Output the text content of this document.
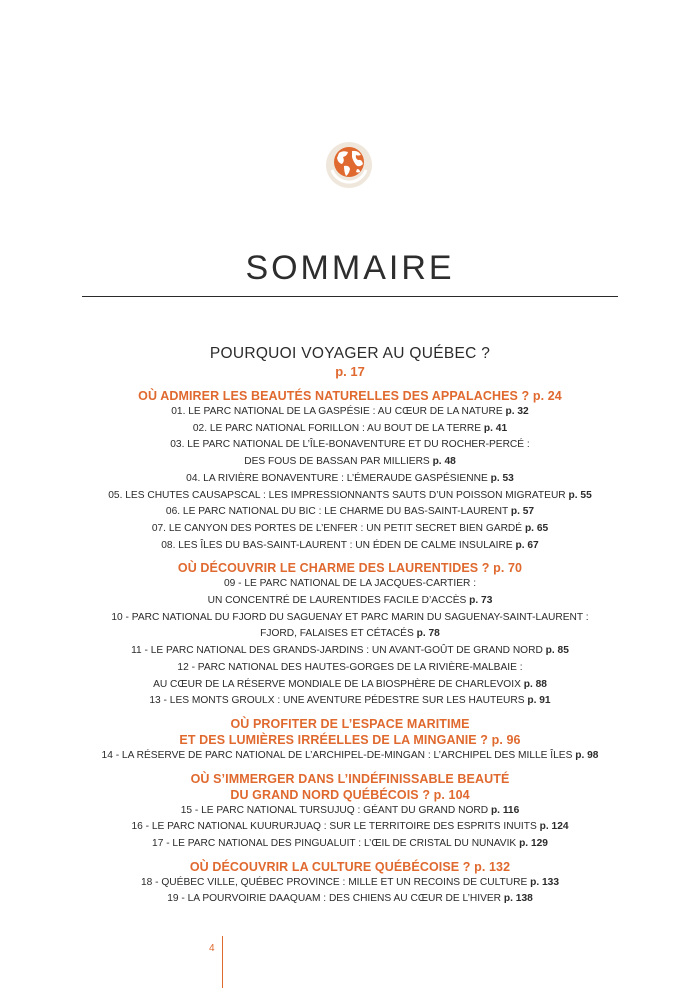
SOMMAIRE
POURQUOI VOYAGER AU QUÉBEC ?
p. 17
OÙ ADMIRER LES BEAUTÉS NATURELLES DES APPALACHES ? p. 24
01. LE PARC NATIONAL DE LA GASPÉSIE : AU CŒUR DE LA NATURE p. 32
02. LE PARC NATIONAL FORILLON : AU BOUT DE LA TERRE p. 41
03. LE PARC NATIONAL DE L’ÎLE-BONAVENTURE ET DU ROCHER-PERCÉ :
DES FOUS DE BASSAN PAR MILLIERS p. 48
04. LA RIVIÈRE BONAVENTURE : L’ÉMERAUDE GASPÉSIENNE p. 53
05. LES CHUTES CAUSAPSCAL : LES IMPRESSIONNANTS SAUTS D’UN POISSON MIGRATEUR p. 55
06. LE PARC NATIONAL DU BIC : LE CHARME DU BAS-SAINT-LAURENT p. 57
07. LE CANYON DES PORTES DE L’ENFER : UN PETIT SECRET BIEN GARDÉ p. 65
08. LES ÎLES DU BAS-SAINT-LAURENT : UN ÉDEN DE CALME INSULAIRE p. 67
OÙ DÉCOUVRIR LE CHARME DES LAURENTIDES ? p. 70
09 - LE PARC NATIONAL DE LA JACQUES-CARTIER :
UN CONCENTRÉ DE LAURENTIDES FACILE D’ACCÈS p. 73
10 - PARC NATIONAL DU FJORD DU SAGUENAY ET PARC MARIN DU SAGUENAY-SAINT-LAURENT :
FJORD, FALAISES ET CÉTACÉS p. 78
11 - LE PARC NATIONAL DES GRANDS-JARDINS : UN AVANT-GOÛT DE GRAND NORD p. 85
12 - PARC NATIONAL DES HAUTES-GORGES DE LA RIVIÈRE-MALBAIE :
AU CŒUR DE LA RÉSERVE MONDIALE DE LA BIOSPHÈRE DE CHARLEVOIX p. 88
13 - LES MONTS GROULX : UNE AVENTURE PÉDESTRE SUR LES HAUTEURS p. 91
OÙ PROFITER DE L’ESPACE MARITIME
ET DES LUMIÈRES IRRÉELLES DE LA MINGANIE ? p. 96
14 - LA RÉSERVE DE PARC NATIONAL DE L’ARCHIPEL-DE-MINGAN : L’ARCHIPEL DES MILLE ÎLES p. 98
OÙ S’IMMERGER DANS L’INDÉFINISSABLE BEAUTÉ
DU GRAND NORD QUÉBÉCOIS ? p. 104
15 - LE PARC NATIONAL TURSUJUQ : GÉANT DU GRAND NORD p. 116
16 - LE PARC NATIONAL KUURURJUAQ : SUR LE TERRITOIRE DES ESPRITS INUITS p. 124
17 - LE PARC NATIONAL DES PINGUALUIT : L’ŒIL DE CRISTAL DU NUNAVIK p. 129
OÙ DÉCOUVRIR LA CULTURE QUÉBÉCOISE ? p. 132
18 - QUÉBEC VILLE, QUÉBEC PROVINCE : MILLE ET UN RECOINS DE CULTURE p. 133
19 - LA POURVOIRIE DAAQUAM : DES CHIENS AU CŒUR DE L’HIVER p. 138
4
